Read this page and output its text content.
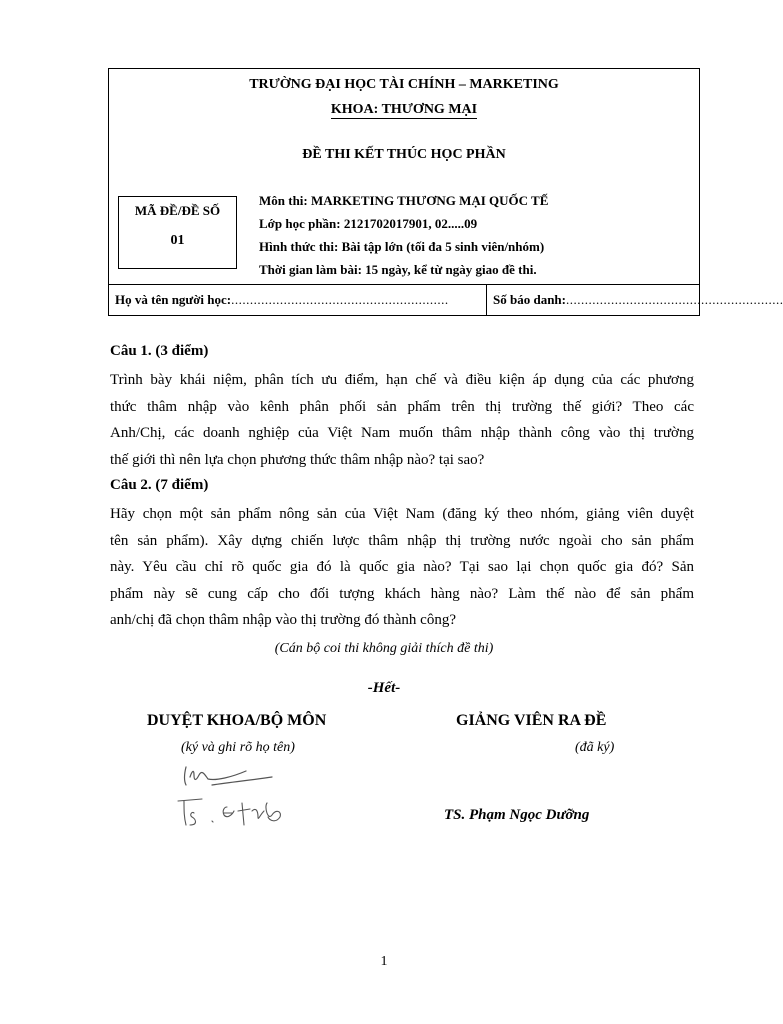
TRƯỜNG ĐẠI HỌC TÀI CHÍNH – MARKETING
KHOA: THƯƠNG MẠI
ĐỀ THI KẾT THÚC HỌC PHẦN
MÃ ĐỀ/ĐỀ SỐ
01
Môn thi: MARKETING THƯƠNG MẠI QUỐC TẾ
Lớp học phần: 2121702017901, 02.....09
Hình thức thi: Bài tập lớn (tối đa 5 sinh viên/nhóm)
Thời gian làm bài: 15 ngày, kể từ ngày giao đề thi.
Họ và tên người học:..........................................................	Số báo danh:..........................................................
Câu 1. (3 điểm)
Trình bày khái niệm, phân tích ưu điểm, hạn chế và điều kiện áp dụng của các phương
thức thâm nhập vào kênh phân phối sản phẩm trên thị trường thế giới? Theo các
Anh/Chị, các doanh nghiệp của Việt Nam muốn thâm nhập thành công vào thị trường
thế giới thì nên lựa chọn phương thức thâm nhập nào? tại sao?
Câu 2. (7 điểm)
Hãy chọn một sản phẩm nông sản của Việt Nam (đăng ký theo nhóm, giảng viên duyệt
tên sản phẩm). Xây dựng chiến lược thâm nhập thị trường nước ngoài cho sản phẩm
này. Yêu cầu chỉ rõ quốc gia đó là quốc gia nào? Tại sao lại chọn quốc gia đó? Sản
phẩm này sẽ cung cấp cho đối tượng khách hàng nào? Làm thế nào để sản phẩm
anh/chị đã chọn thâm nhập vào thị trường đó thành công?
(Cán bộ coi thi không giải thích đề thi)
-Hết-
DUYỆT KHOA/BỘ MÔN
(ký và ghi rõ họ tên)
GIẢNG VIÊN RA ĐỀ
(đã ký)
TS. Phạm Ngọc Dưỡng
1
